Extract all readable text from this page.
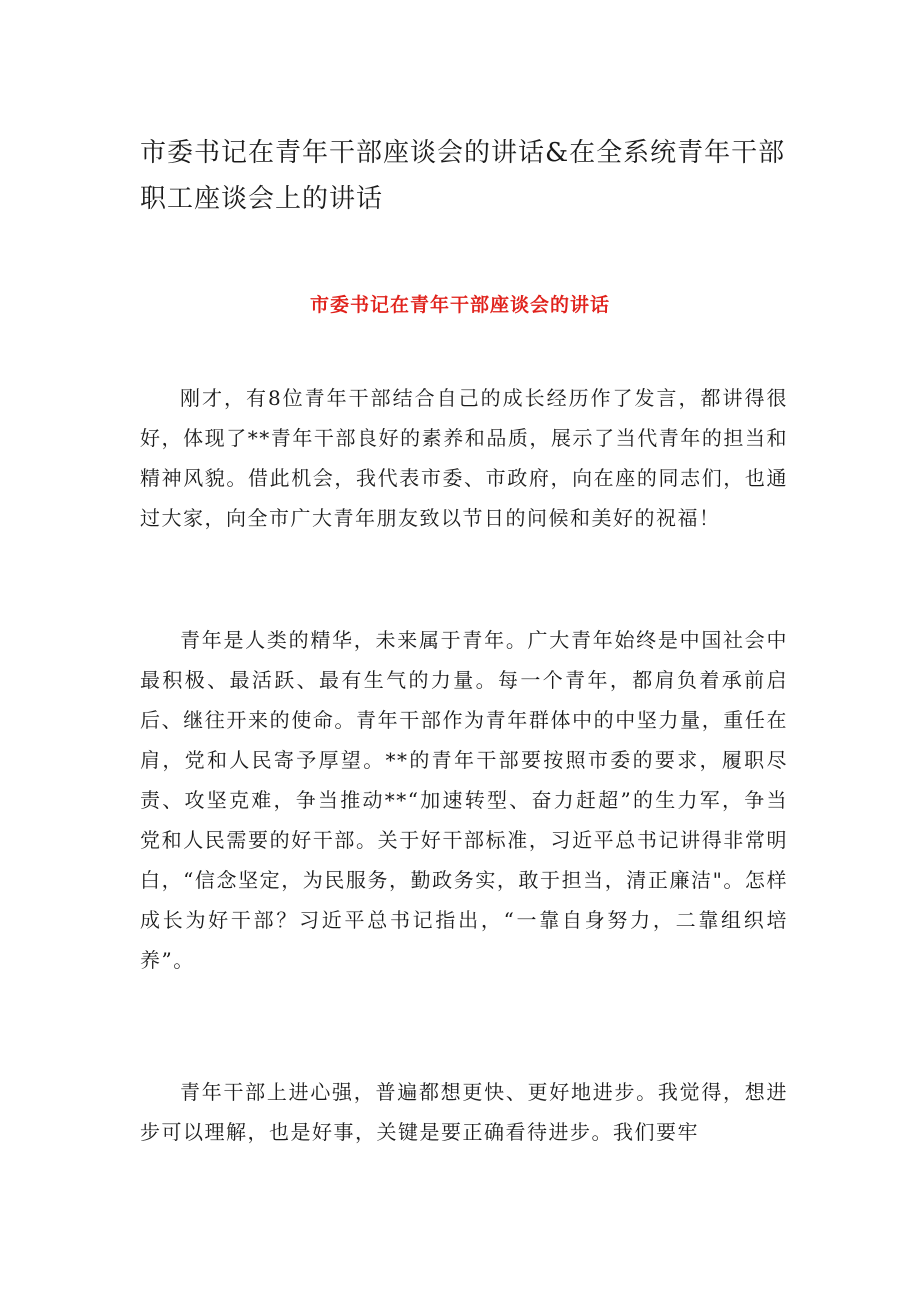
市委书记在青年干部座谈会的讲话&在全系统青年干部职工座谈会上的讲话
市委书记在青年干部座谈会的讲话

刚才，有8位青年干部结合自己的成长经历作了发言，都讲得很好，体现了**青年干部良好的素养和品质，展示了当代青年的担当和精神风貌。借此机会，我代表市委、市政府，向在座的同志们，也通过大家，向全市广大青年朋友致以节日的问候和美好的祝福！

青年是人类的精华，未来属于青年。广大青年始终是中国社会中最积极、最活跃、最有生气的力量。每一个青年，都肩负着承前启后、继往开来的使命。青年干部作为青年群体中的中坚力量，重任在肩，党和人民寄予厚望。**的青年干部要按照市委的要求，履职尽责、攻坚克难，争当推动**“加速转型、奋力赶超”的生力军，争当党和人民需要的好干部。关于好干部标准，习近平总书记讲得非常明白，“信念坚定，为民服务，勤政务实，敢于担当，清正廉洁"。怎样成长为好干部？习近平总书记指出，“一靠自身努力，二靠组织培养”。

青年干部上进心强，普遍都想更快、更好地进步。我觉得，想进步可以理解，也是好事，关键是要正确看待进步。我们要牢
